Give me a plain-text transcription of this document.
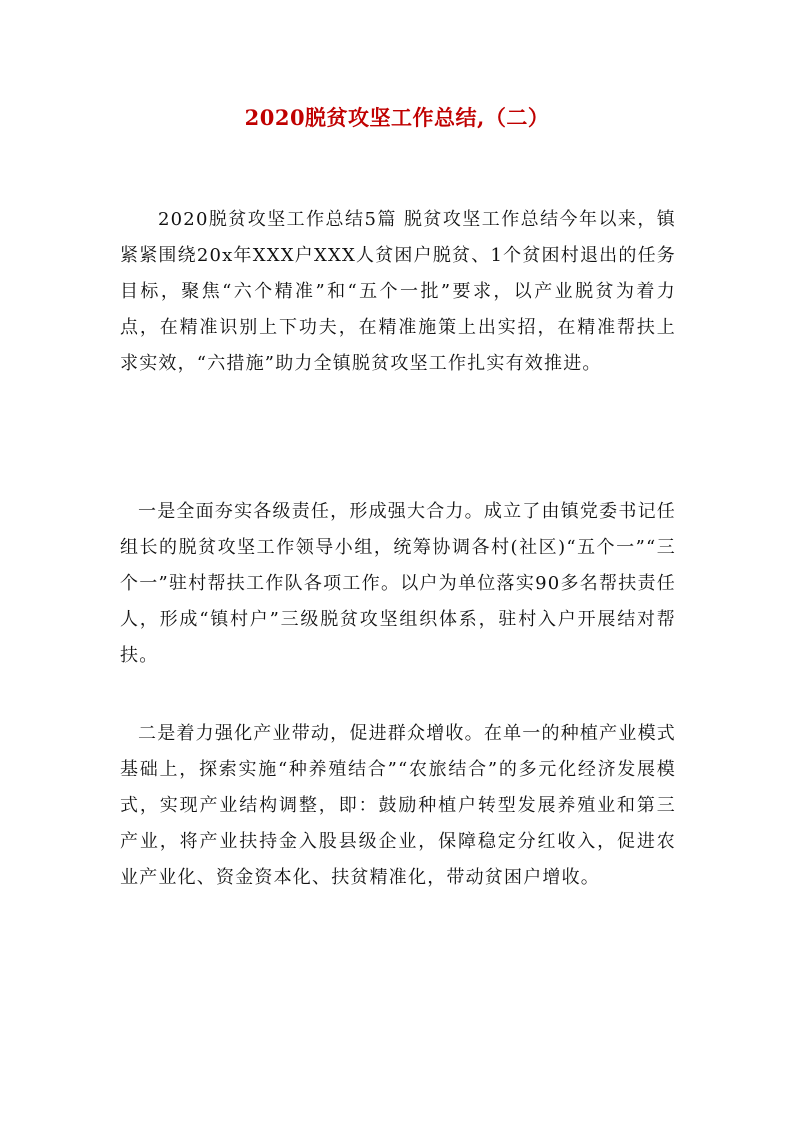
2020脱贫攻坚工作总结,（二）

2020脱贫攻坚工作总结5篇 脱贫攻坚工作总结今年以来，镇紧紧围绕20x年XXX户XXX人贫困户脱贫、1个贫困村退出的任务目标，聚焦“六个精准”和“五个一批”要求，以产业脱贫为着力点，在精准识别上下功夫，在精准施策上出实招，在精准帮扶上求实效，“六措施”助力全镇脱贫攻坚工作扎实有效推进。

一是全面夯实各级责任，形成强大合力。成立了由镇党委书记任组长的脱贫攻坚工作领导小组，统筹协调各村(社区)“五个一”“三个一”驻村帮扶工作队各项工作。以户为单位落实90多名帮扶责任人，形成“镇村户”三级脱贫攻坚组织体系，驻村入户开展结对帮扶。

二是着力强化产业带动，促进群众增收。在单一的种植产业模式基础上，探索实施“种养殖结合”“农旅结合”的多元化经济发展模式，实现产业结构调整，即：鼓励种植户转型发展养殖业和第三产业，将产业扶持金入股县级企业，保障稳定分红收入，促进农业产业化、资金资本化、扶贫精准化，带动贫困户增收。
